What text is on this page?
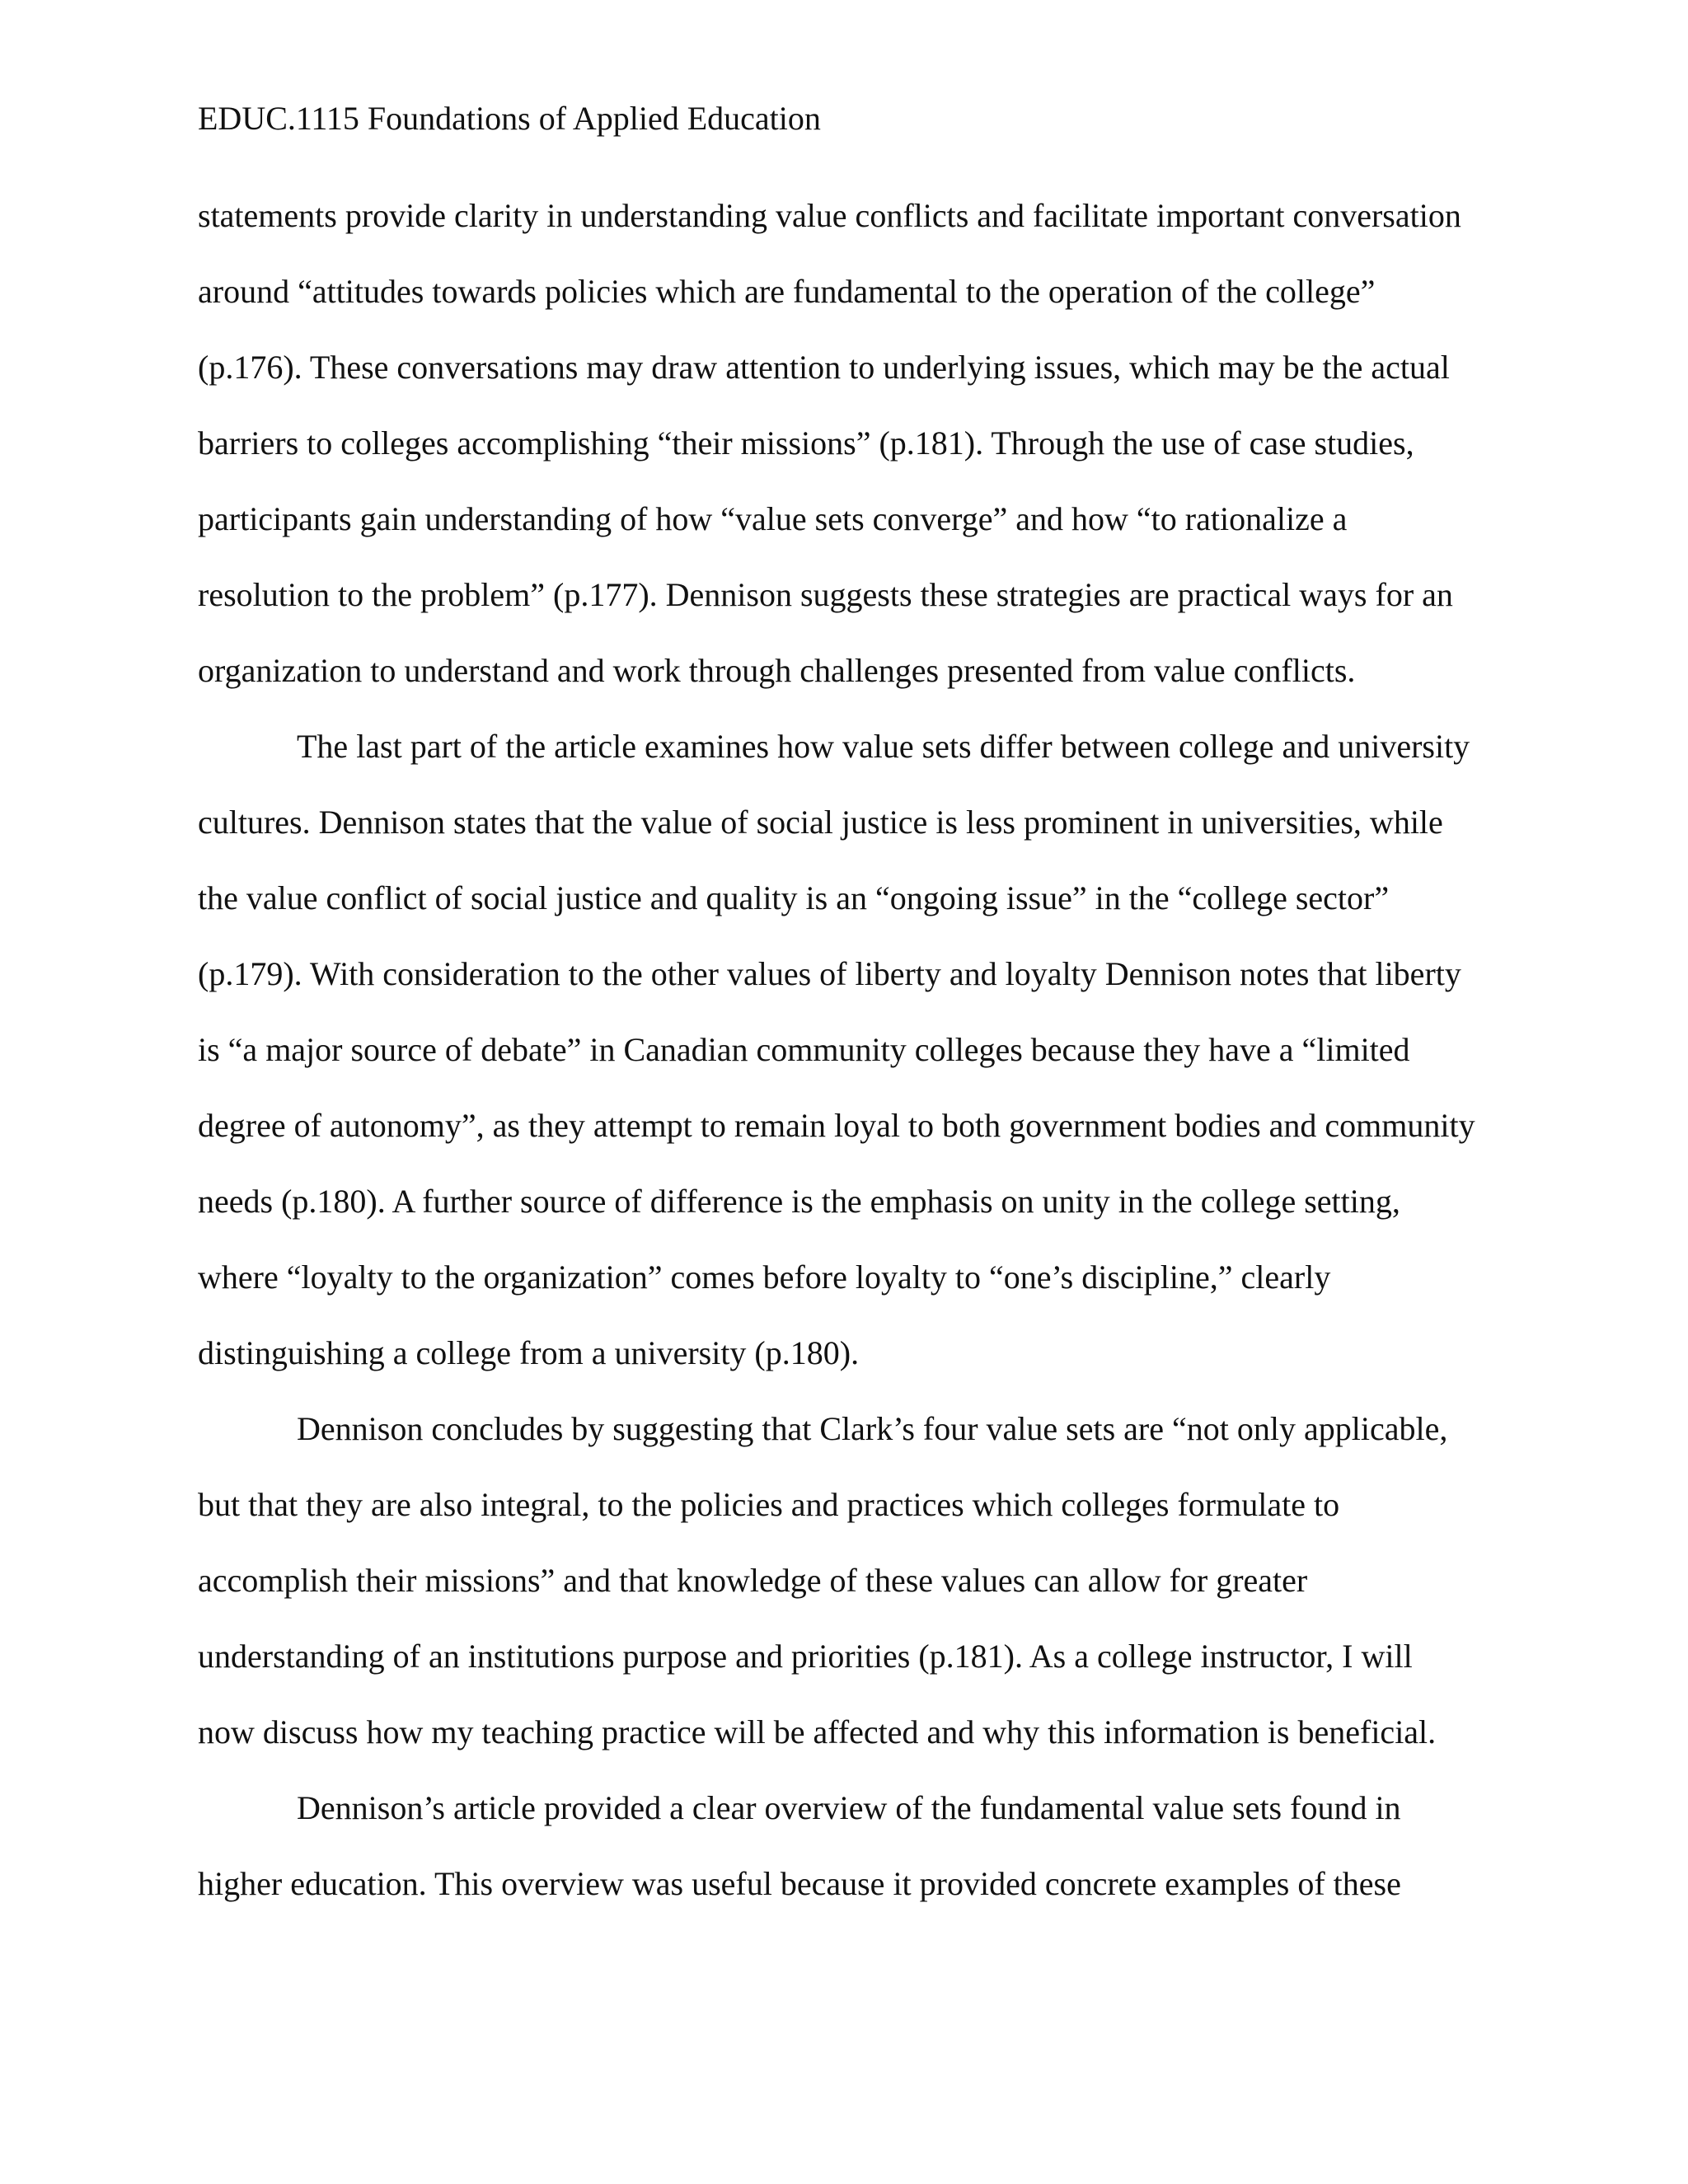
EDUC.1115 Foundations of Applied Education
statements provide clarity in understanding value conflicts and facilitate important conversation
around “attitudes towards policies which are fundamental to the operation of the college”
(p.176). These conversations may draw attention to underlying issues, which may be the actual
barriers to colleges accomplishing “their missions” (p.181). Through the use of case studies,
participants gain understanding of how “value sets converge” and how “to rationalize a
resolution to the problem” (p.177). Dennison suggests these strategies are practical ways for an
organization to understand and work through challenges presented from value conflicts.
The last part of the article examines how value sets differ between college and university
cultures. Dennison states that the value of social justice is less prominent in universities, while
the value conflict of social justice and quality is an “ongoing issue” in the “college sector”
(p.179). With consideration to the other values of liberty and loyalty Dennison notes that liberty
is “a major source of debate” in Canadian community colleges because they have a “limited
degree of autonomy”, as they attempt to remain loyal to both government bodies and community
needs (p.180). A further source of difference is the emphasis on unity in the college setting,
where “loyalty to the organization” comes before loyalty to “one’s discipline,” clearly
distinguishing a college from a university (p.180).
Dennison concludes by suggesting that Clark’s four value sets are “not only applicable,
but that they are also integral, to the policies and practices which colleges formulate to
accomplish their missions” and that knowledge of these values can allow for greater
understanding of an institutions purpose and priorities (p.181). As a college instructor, I will
now discuss how my teaching practice will be affected and why this information is beneficial.
Dennison’s article provided a clear overview of the fundamental value sets found in
higher education. This overview was useful because it provided concrete examples of these
